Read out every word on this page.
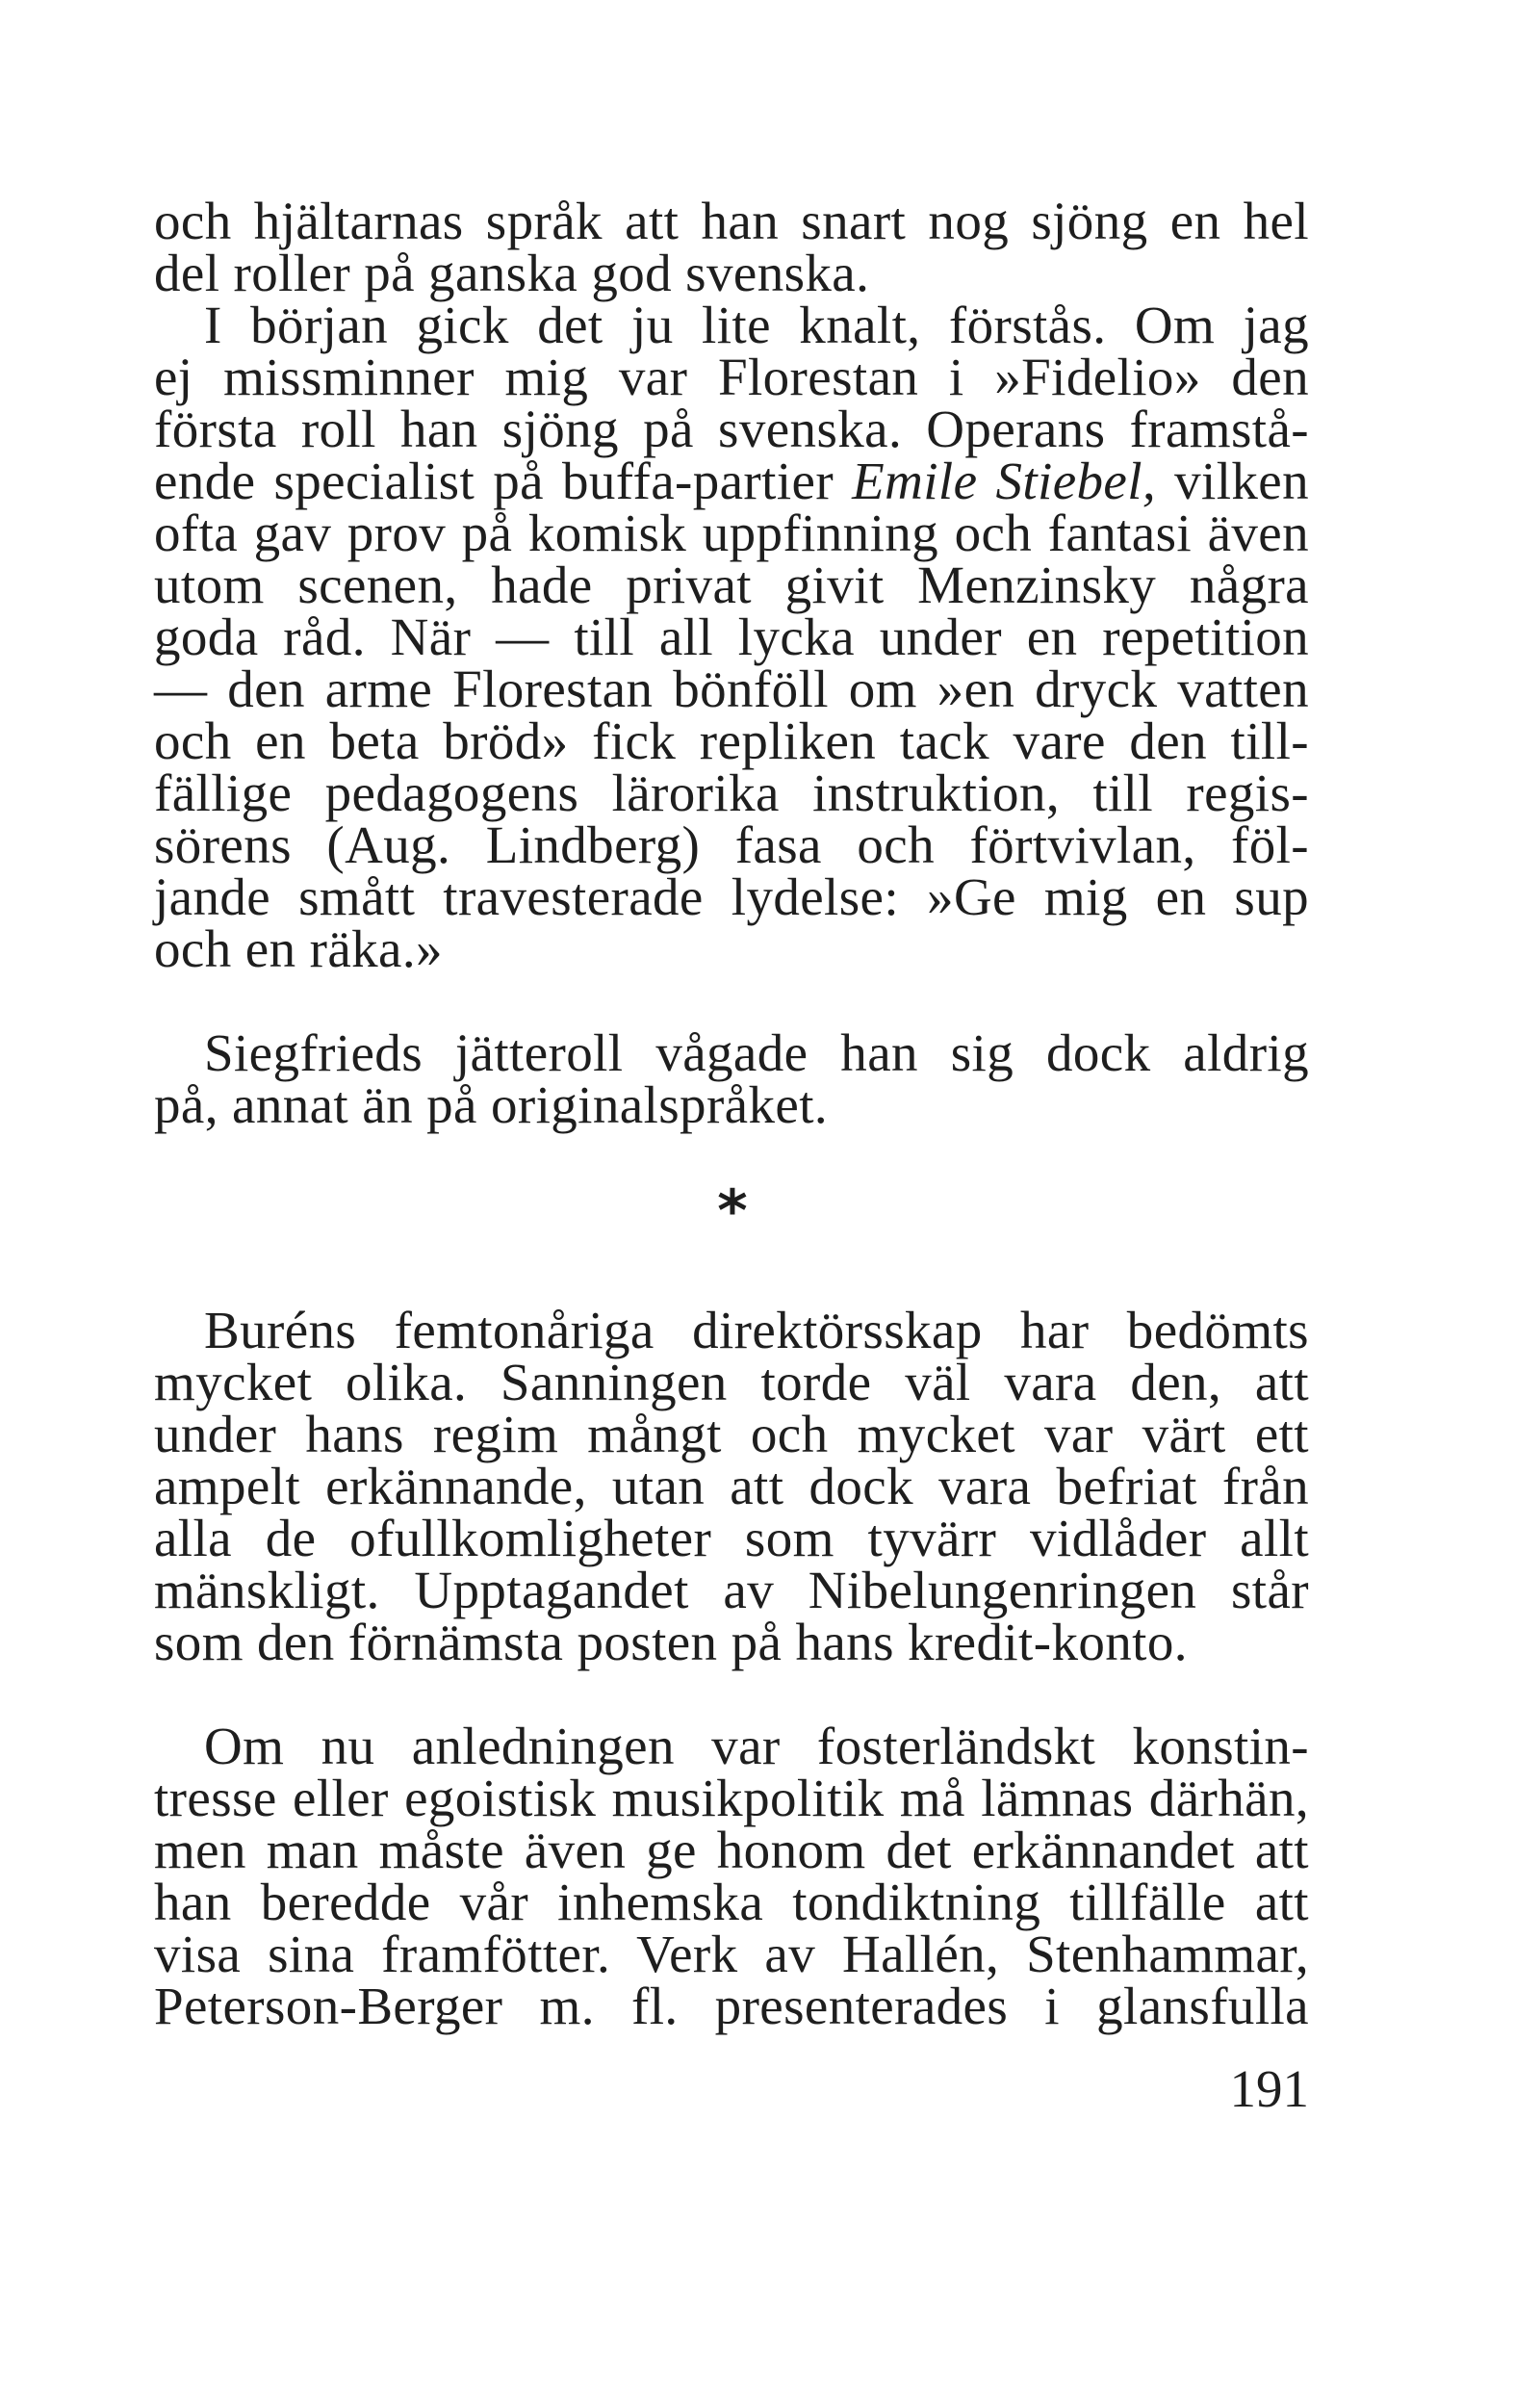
och hjältarnas språk att han snart nog sjöng en hel
del roller på ganska god svenska.
I början gick det ju lite knalt, förstås. Om jag
ej missminner mig var Florestan i »Fidelio» den
första roll han sjöng på svenska. Operans framstå-
ende specialist på buffa-partier Emile Stiebel, vilken
ofta gav prov på komisk uppfinning och fantasi även
utom scenen, hade privat givit Menzinsky några
goda råd. När — till all lycka under en repetition
— den arme Florestan bönföll om »en dryck vatten
och en beta bröd» fick repliken tack vare den till-
fällige pedagogens lärorika instruktion, till regis-
sörens (Aug. Lindberg) fasa och förtvivlan, föl-
jande smått travesterade lydelse: »Ge mig en sup
och en räka.»
Siegfrieds jätteroll vågade han sig dock aldrig
på, annat än på originalspråket.
*
Buréns femtonåriga direktörsskap har bedömts
mycket olika. Sanningen torde väl vara den, att
under hans regim mångt och mycket var värt ett
ampelt erkännande, utan att dock vara befriat från
alla de ofullkomligheter som tyvärr vidlåder allt
mänskligt. Upptagandet av Nibelungenringen står
som den förnämsta posten på hans kredit-konto.
Om nu anledningen var fosterländskt konstin-
tresse eller egoistisk musikpolitik må lämnas därhän,
men man måste även ge honom det erkännandet att
han beredde vår inhemska tondiktning tillfälle att
visa sina framfötter. Verk av Hallén, Stenhammar,
Peterson-Berger m. fl. presenterades i glansfulla
191
